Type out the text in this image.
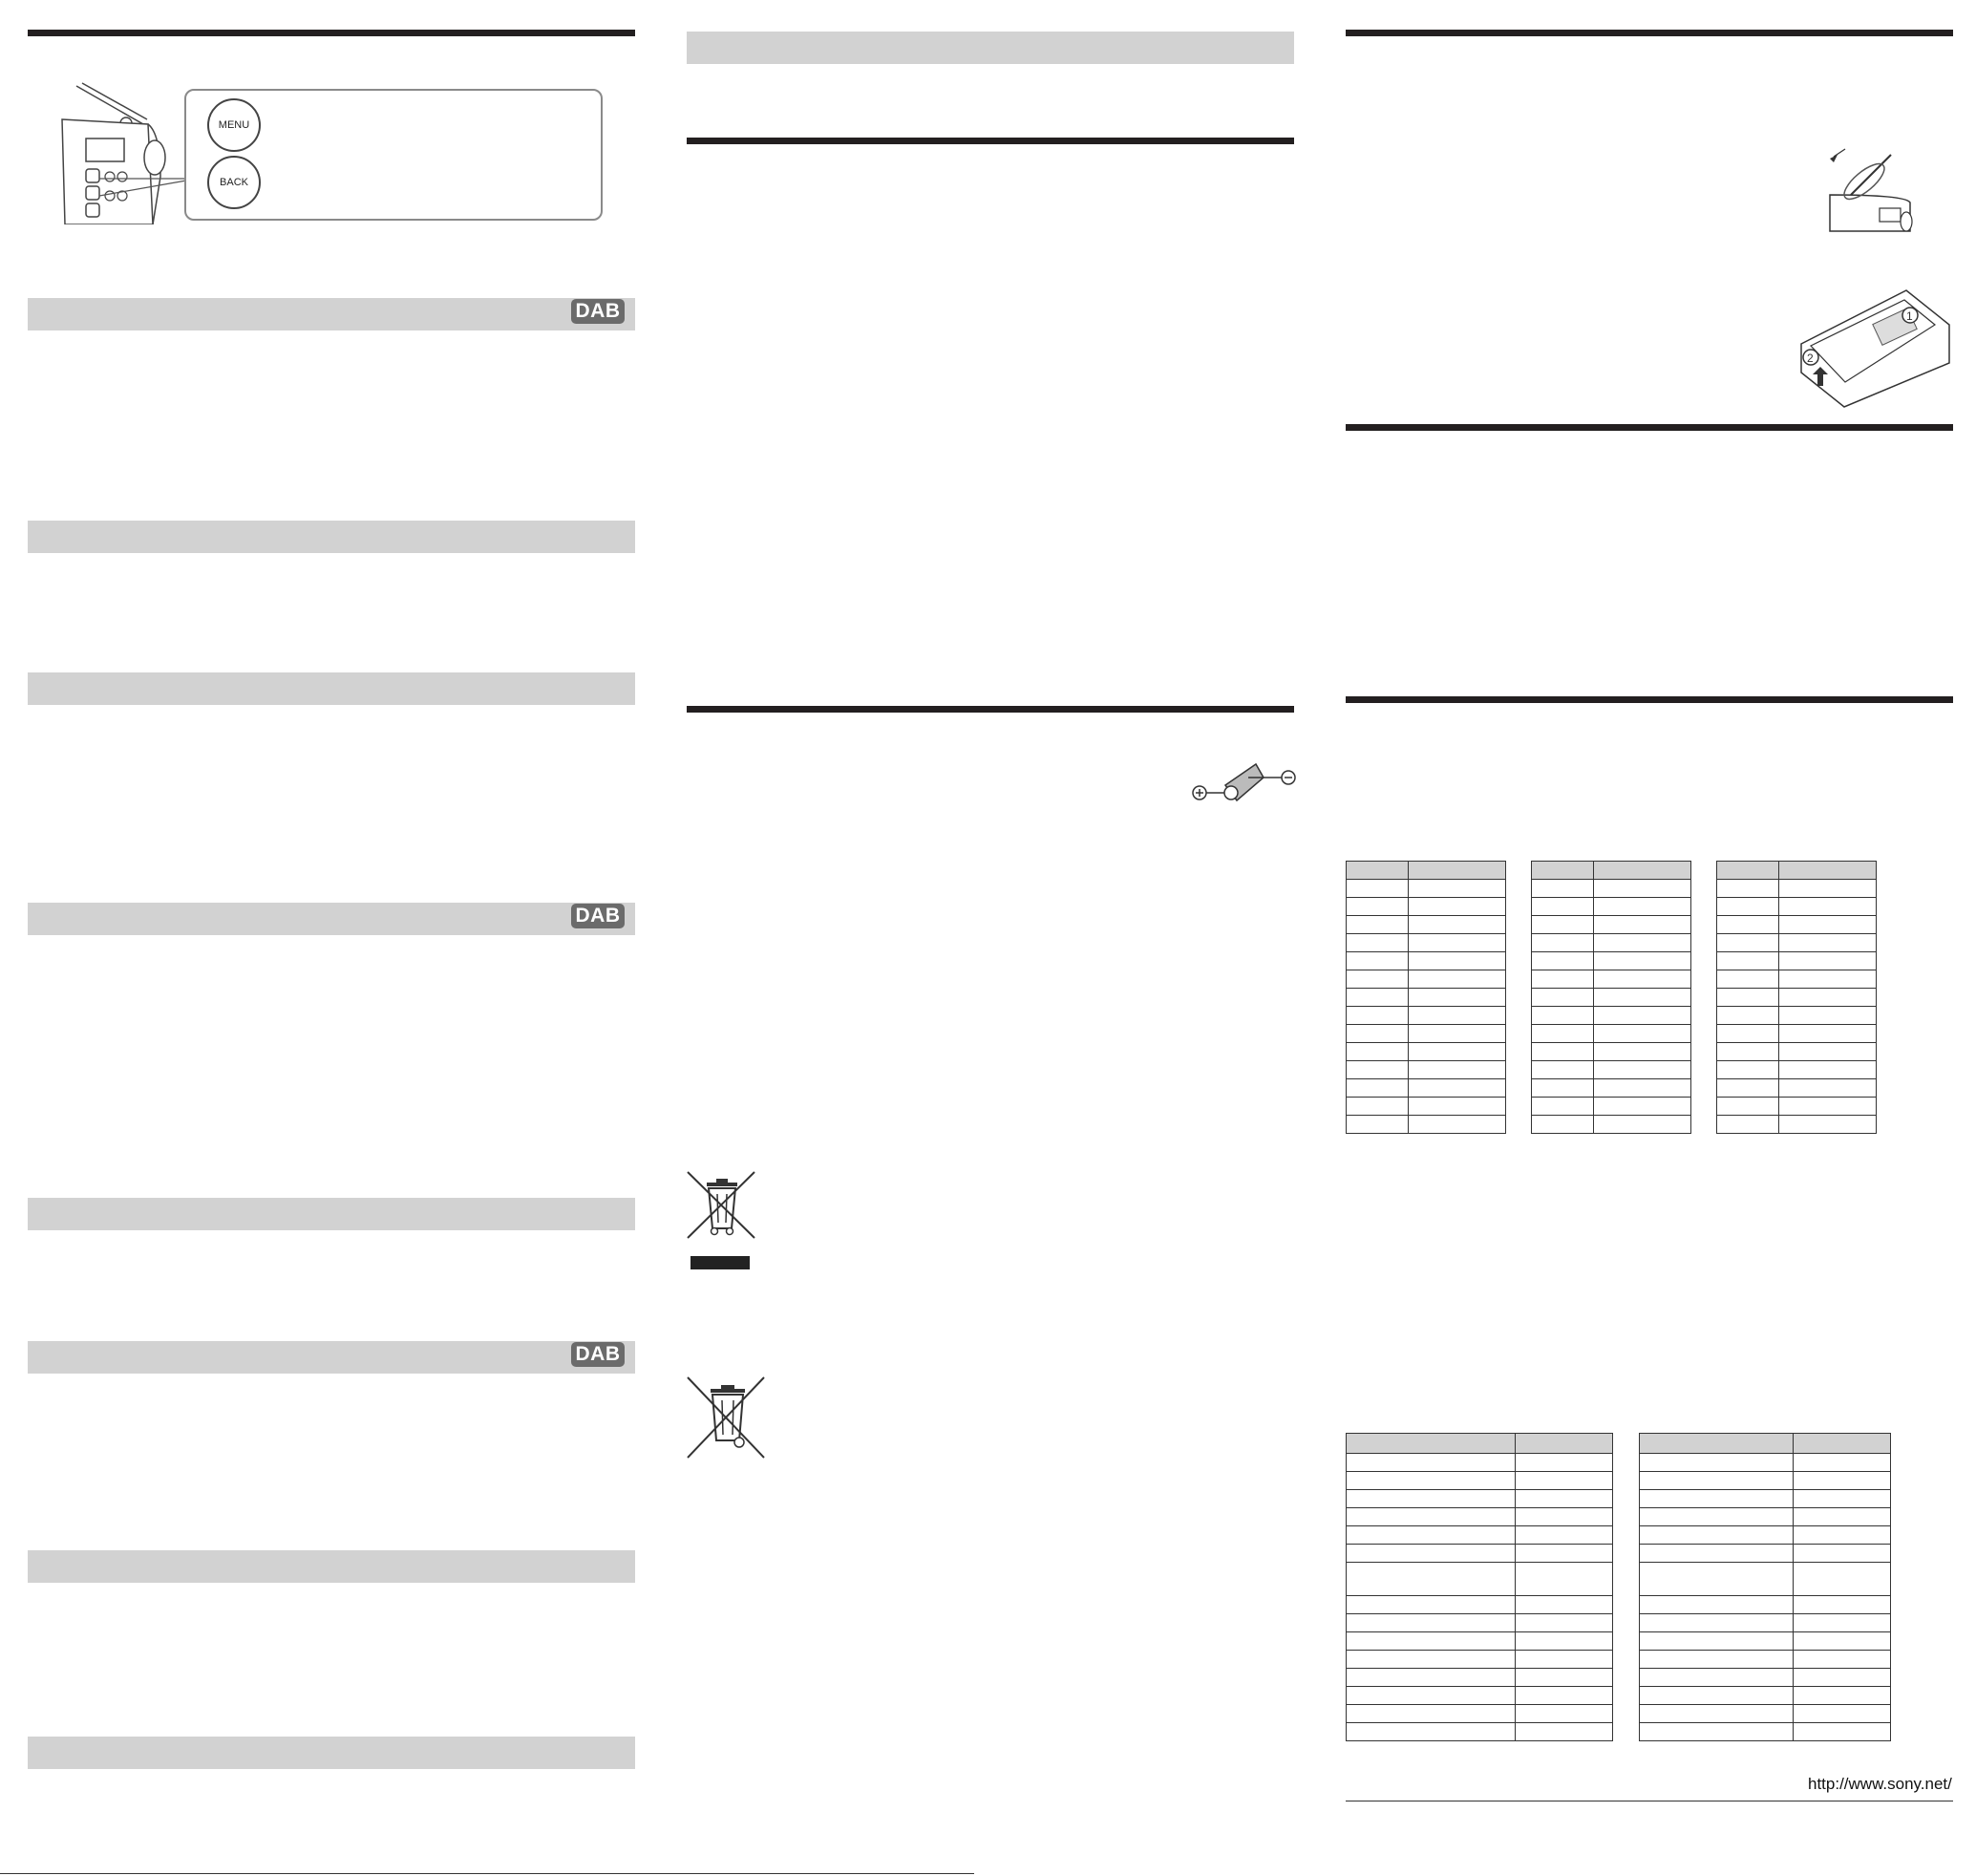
MENU
BACK
DAB
DAB
DAB
1
2

http://www.sony.net/
